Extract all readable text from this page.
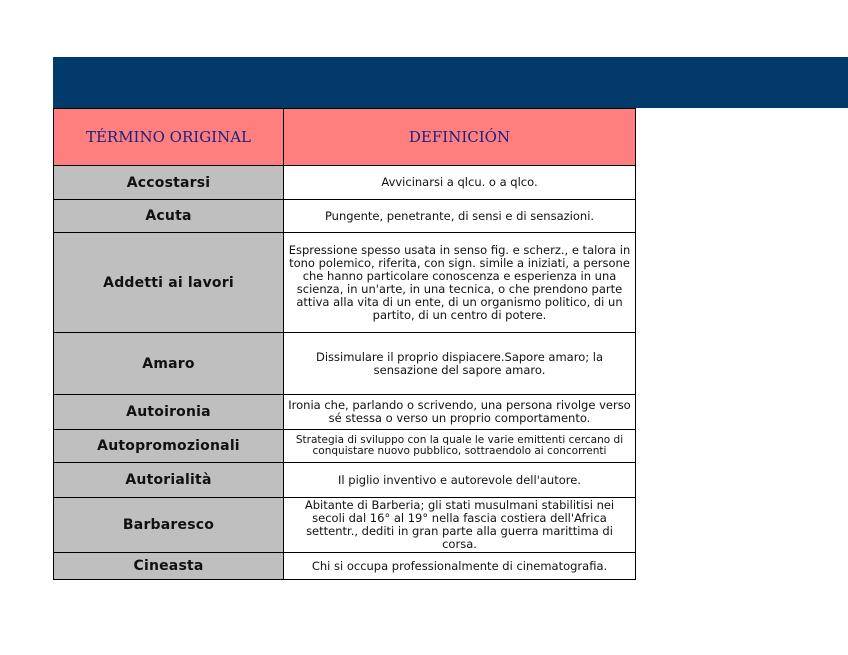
TÉRMINO ORIGINAL	DEFINICIÓN
Accostarsi	Avvicinarsi a qlcu. o a qlco.

Acuta	Pungente, penetrante, di sensi e di sensazioni.

Addetti ai lavori	Espressione spesso usata in senso fig. e scherz., e talora in tono polemico, riferita, con sign. simile a iniziati, a persone che hanno particolare conoscenza e esperienza in una scienza, in un'arte, in una tecnica, o che prendono parte attiva alla vita di un ente, di un organismo politico, di un partito, di un centro di potere.

Amaro	Dissimulare il proprio dispiacere.Sapore amaro; la sensazione del sapore amaro.

Autoironia	Ironia che, parlando o scrivendo, una persona rivolge verso sé stessa o verso un proprio comportamento.

Autopromozionali	Strategia di sviluppo con la quale le varie emittenti cercano di conquistare nuovo pubblico, sottraendolo ai concorrenti

Autorialità	Il piglio inventivo e autorevole dell'autore.

Barbaresco	Abitante di Barberia; gli stati musulmani stabilitisi nei secoli dal 16° al 19° nella fascia costiera dell'Africa settentr., dediti in gran parte alla guerra marittima di corsa.

Cineasta	Chi si occupa professionalmente di cinematografia.
